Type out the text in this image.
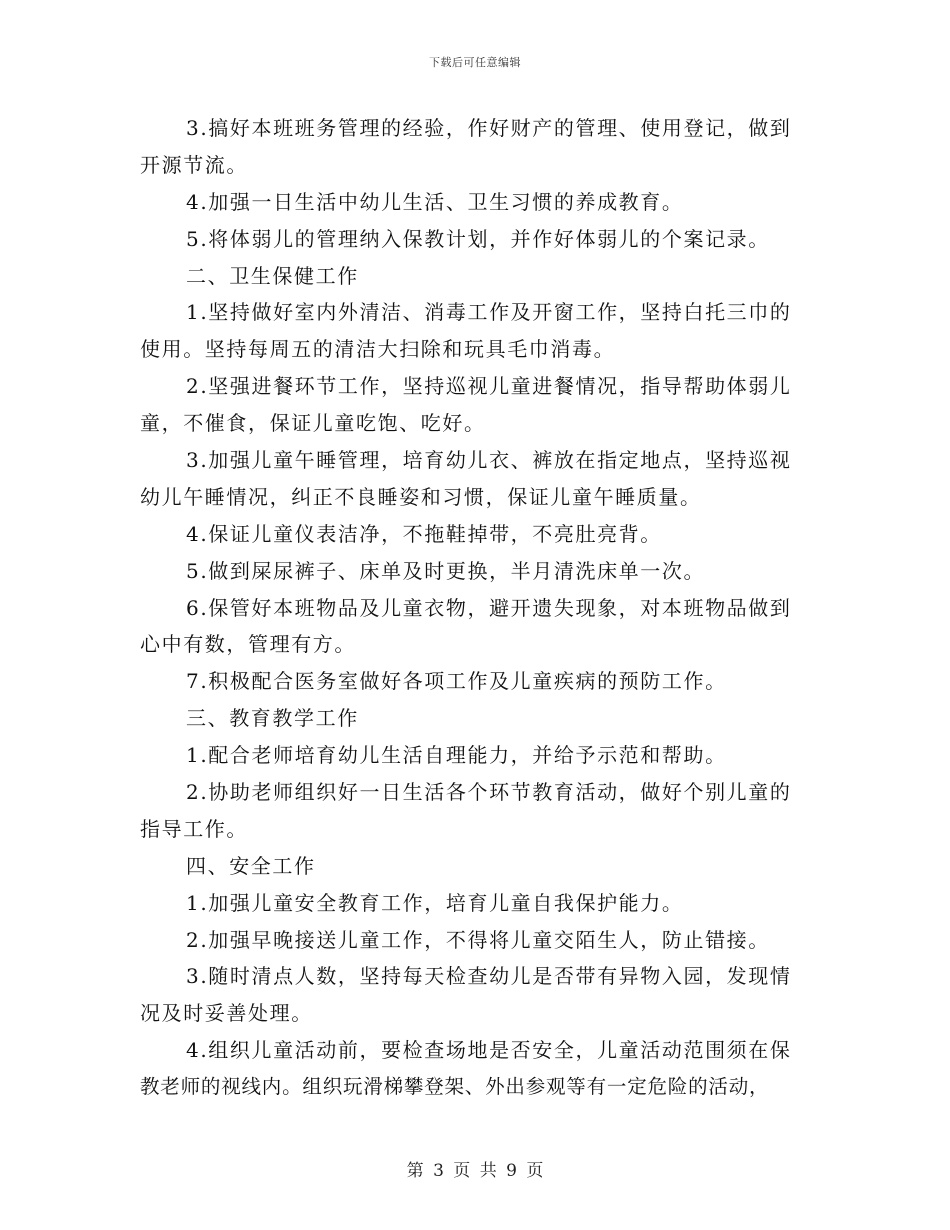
下载后可任意编辑
3.搞好本班班务管理的经验，作好财产的管理、使用登记，做到
开源节流。
4.加强一日生活中幼儿生活、卫生习惯的养成教育。
5.将体弱儿的管理纳入保教计划，并作好体弱儿的个案记录。
二、卫生保健工作
1.坚持做好室内外清洁、消毒工作及开窗工作，坚持白托三巾的
使用。坚持每周五的清洁大扫除和玩具毛巾消毒。
2.坚强进餐环节工作，坚持巡视儿童进餐情况，指导帮助体弱儿
童，不催食，保证儿童吃饱、吃好。
3.加强儿童午睡管理，培育幼儿衣、裤放在指定地点，坚持巡视
幼儿午睡情况，纠正不良睡姿和习惯，保证儿童午睡质量。
4.保证儿童仪表洁净，不拖鞋掉带，不亮肚亮背。
5.做到屎尿裤子、床单及时更换，半月清洗床单一次。
6.保管好本班物品及儿童衣物，避开遗失现象，对本班物品做到
心中有数，管理有方。
7.积极配合医务室做好各项工作及儿童疾病的预防工作。
三、教育教学工作
1.配合老师培育幼儿生活自理能力，并给予示范和帮助。
2.协助老师组织好一日生活各个环节教育活动，做好个别儿童的
指导工作。
四、安全工作
1.加强儿童安全教育工作，培育儿童自我保护能力。
2.加强早晚接送儿童工作，不得将儿童交陌生人，防止错接。
3.随时清点人数，坚持每天检查幼儿是否带有异物入园，发现情
况及时妥善处理。
4.组织儿童活动前，要检查场地是否安全，儿童活动范围须在保
教老师的视线内。组织玩滑梯攀登架、外出参观等有一定危险的活动，
第 3 页 共 9 页
